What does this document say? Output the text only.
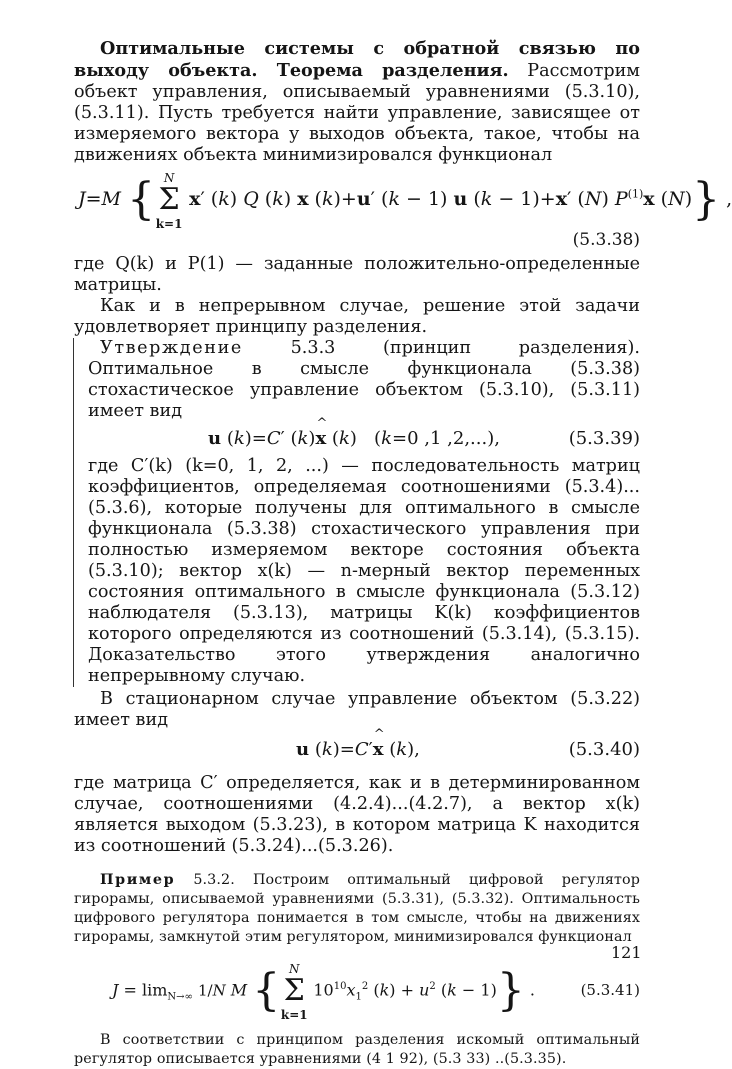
Оптимальные системы с обратной связью по выходу объекта. Теорема разделения. Рассмотрим объект управления, описываемый уравнениями (5.3.10), (5.3.11). Пусть требуется найти управление, зависящее от измеряемого вектора y выходов объекта, такое, чтобы на движениях объекта минимизировался функционал

J=M { N
Σ
k=1
x′ (k) Q (k) x (k)+u′ (k − 1) u (k − 1)+x′ (N) $P^{(1)}x$ (N)} ,
(5.3.38)

где Q(k) и P(1) — заданные положительно-определенные матрицы.

Как и в непрерывном случае, решение этой задачи удовлетворяет принципу разделения.

Утверждение 5.3.3 (принцип разделения). Оптимальное в смысле функционала (5.3.38) стохастическое управление объектом (5.3.10), (5.3.11) имеет вид

u (k)=C′ (k)^ x (k)   (k=0 ,1 ,2,...),	(5.3.39)

где C′(k) (k=0, 1, 2, ...) — последовательность матриц коэффициентов, определяемая соотношениями (5.3.4)...(5.3.6), которые получены для оптимального в смысле функционала (5.3.38) стохастического управления при полностью измеряемом векторе состояния объекта (5.3.10); вектор x(k) — n-мерный вектор переменных состояния оптимального в смысле функционала (5.3.12) наблюдателя (5.3.13), матрицы K(k) коэффициентов которого определяются из соотношений (5.3.14), (5.3.15). Доказательство этого утверждения аналогично непрерывному случаю.

В стационарном случае управление объектом (5.3.22) имеет вид

u (k)=C′^ x (k),	(5.3.40)

где матрица C′ определяется, как и в детерминированном случае, соотношениями (4.2.4)...(4.2.7), а вектор x(k) является выходом (5.3.23), в котором матрица K находится из соотношений (5.3.24)...(5.3.26).

Пример 5.3.2. Построим оптимальный цифровой регулятор гирорамы, описываемой уравнениями (5.3.31), (5.3.32). Оптимальность цифрового регулятора понимается в том смысле, чтобы на движениях гирорамы, замкнутой этим регулятором, минимизировался функционал

$J = \lim_{N\to\infty} 1/N$ M { N
Σ
k=1
$10^{10}x_1^2$ $(k) + u^2$ (k − 1)} .	(5.3.41)

В соответствии с принципом разделения искомый оптимальный регулятор описывается уравнениями (4 1 92), (5.3 33) ..(5.3.35).

121
